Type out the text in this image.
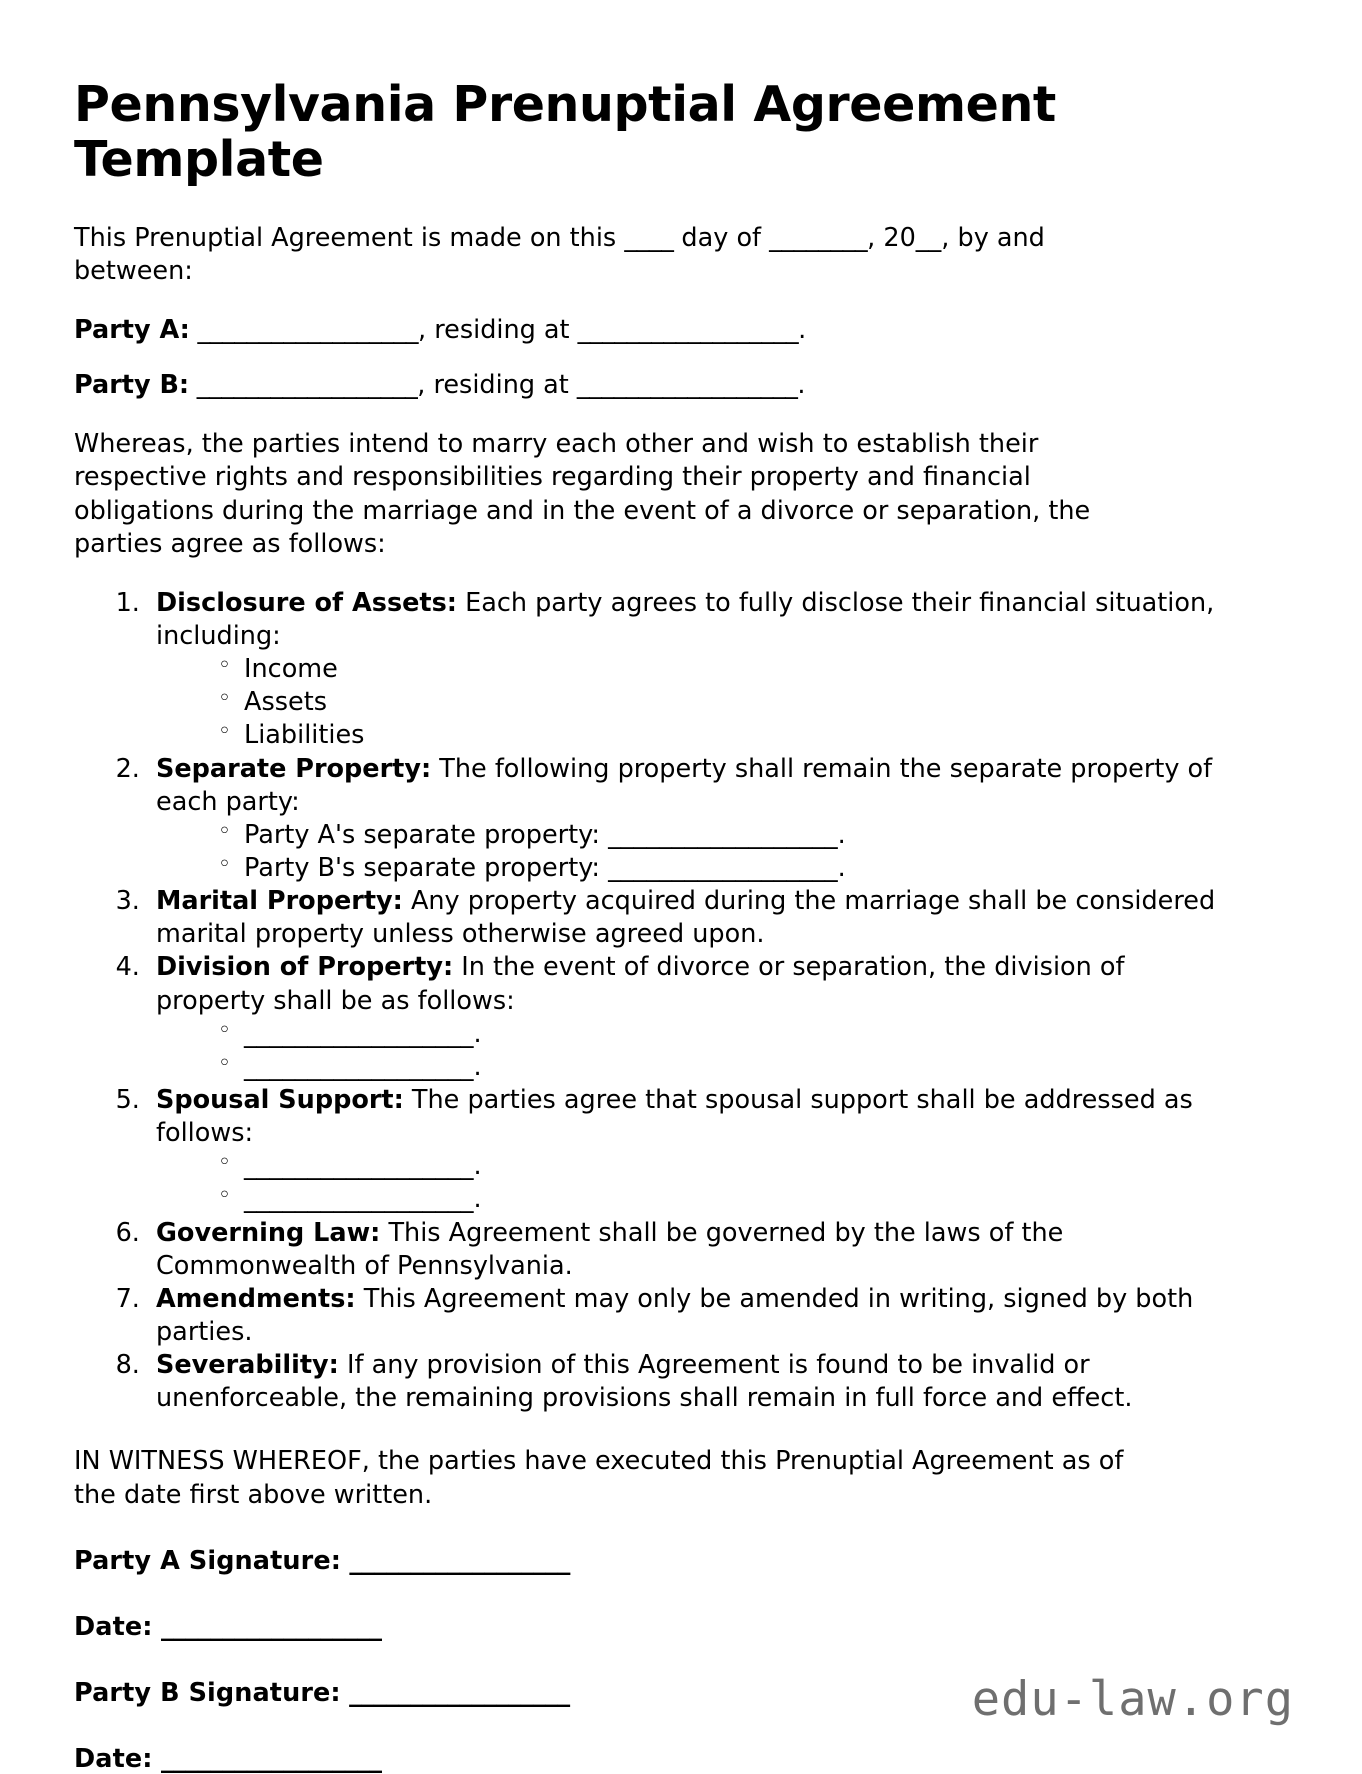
Pennsylvania Prenuptial Agreement Template

This Prenuptial Agreement is made on this ____ day of ________, 20__, by and between:

Party A: __________________, residing at __________________.

Party B: __________________, residing at __________________.

Whereas, the parties intend to marry each other and wish to establish their respective rights and responsibilities regarding their property and financial obligations during the marriage and in the event of a divorce or separation, the parties agree as follows:

1. Disclosure of Assets: Each party agrees to fully disclose their financial situation, including:
◦ Income
◦ Assets
◦ Liabilities
2. Separate Property: The following property shall remain the separate property of each party:
◦ Party A's separate property: __________________.
◦ Party B's separate property: __________________.
3. Marital Property: Any property acquired during the marriage shall be considered marital property unless otherwise agreed upon.
4. Division of Property: In the event of divorce or separation, the division of property shall be as follows:
◦ __________________.
◦ __________________.
5. Spousal Support: The parties agree that spousal support shall be addressed as follows:
◦ __________________.
◦ __________________.
6. Governing Law: This Agreement shall be governed by the laws of the Commonwealth of Pennsylvania.
7. Amendments: This Agreement may only be amended in writing, signed by both parties.
8. Severability: If any provision of this Agreement is found to be invalid or unenforceable, the remaining provisions shall remain in full force and effect.

IN WITNESS WHEREOF, the parties have executed this Prenuptial Agreement as of the date first above written.

Party A Signature: __________________
Date: __________________
Party B Signature: __________________
Date: __________________
edu-law.org
